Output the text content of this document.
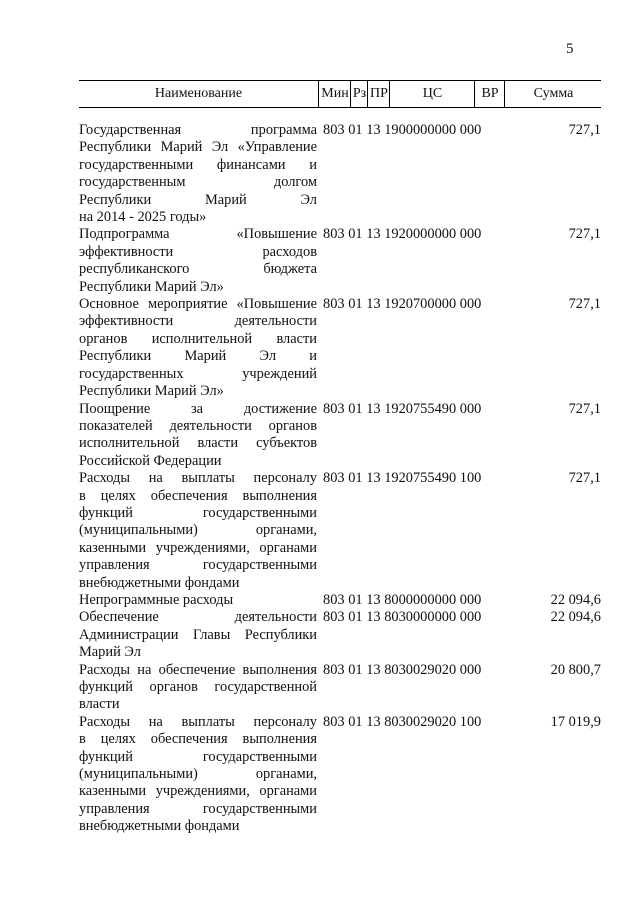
5
Наименование	Мин Рз ПР	ЦС	ВР	Сумма
Государственная программа
Республики Марий Эл «Управление
государственными финансами и
государственным долгом
Республики Марий Эл
на 2014 - 2025 годы»
803 01 13 1900000000 000	727,1
Подпрограмма «Повышение
эффективности расходов
республиканского бюджета
Республики Марий Эл»
803 01 13 1920000000 000	727,1
Основное мероприятие «Повышение
эффективности деятельности
органов исполнительной власти
Республики Марий Эл и
государственных учреждений
Республики Марий Эл»
803 01 13 1920700000 000	727,1
Поощрение за достижение
показателей деятельности органов
исполнительной власти субъектов
Российской Федерации
803 01 13 1920755490 000	727,1
Расходы на выплаты персоналу
в целях обеспечения выполнения
функций государственными
(муниципальными) органами,
казенными учреждениями, органами
управления государственными
внебюджетными фондами
803 01 13 1920755490 100	727,1
Непрограммные расходы	803 01 13 8000000000 000	22 094,6
Обеспечение деятельности
Администрации Главы Республики
Марий Эл
803 01 13 8030000000 000	22 094,6
Расходы на обеспечение выполнения
функций органов государственной
власти
803 01 13 8030029020 000	20 800,7
Расходы на выплаты персоналу
в целях обеспечения выполнения
функций государственными
(муниципальными) органами,
казенными учреждениями, органами
управления государственными
внебюджетными фондами
803 01 13 8030029020 100	17 019,9
